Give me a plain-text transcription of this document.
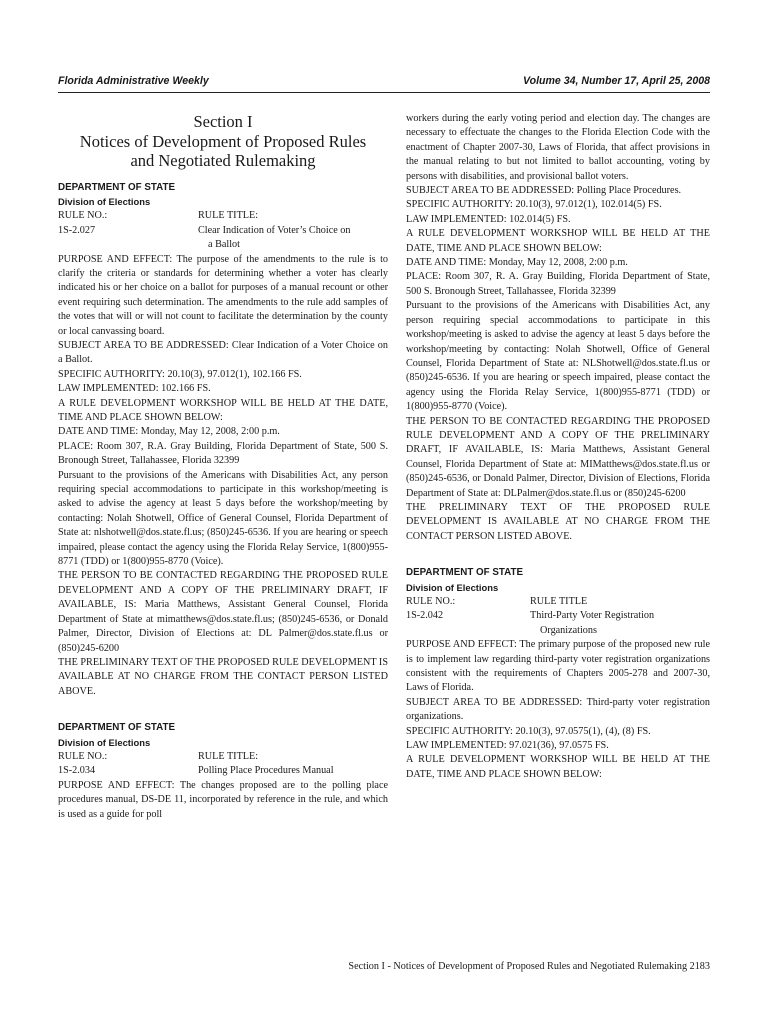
Florida Administrative Weekly	Volume 34, Number 17, April 25, 2008
Section I
Notices of Development of Proposed Rules
and Negotiated Rulemaking
DEPARTMENT OF STATE
Division of Elections
RULE NO.:	RULE TITLE:
1S-2.027	Clear Indication of Voter’s Choice on
a Ballot

PURPOSE AND EFFECT: The purpose of the amendments to the rule is to clarify the criteria or standards for determining whether a voter has clearly indicated his or her choice on a ballot for purposes of a manual recount or other event requiring such determination. The amendments to the rule add samples of the votes that will or will not count to facilitate the determination by the county or local canvassing board.

SUBJECT AREA TO BE ADDRESSED: Clear Indication of a Voter Choice on a Ballot.

SPECIFIC AUTHORITY: 20.10(3), 97.012(1), 102.166 FS.

LAW IMPLEMENTED: 102.166 FS.

A RULE DEVELOPMENT WORKSHOP WILL BE HELD AT THE DATE, TIME AND PLACE SHOWN BELOW:

DATE AND TIME: Monday, May 12, 2008, 2:00 p.m.

PLACE: Room 307, R.A. Gray Building, Florida Department of State, 500 S. Bronough Street, Tallahassee, Florida 32399

Pursuant to the provisions of the Americans with Disabilities Act, any person requiring special accommodations to participate in this workshop/meeting is asked to advise the agency at least 5 days before the workshop/meeting by contacting: Nolah Shotwell, Office of General Counsel, Florida Department of State at: nlshotwell@dos.state.fl.us; (850)245-6536. If you are hearing or speech impaired, please contact the agency using the Florida Relay Service, 1(800)955-8771 (TDD) or 1(800)955-8770 (Voice).

THE PERSON TO BE CONTACTED REGARDING THE PROPOSED RULE DEVELOPMENT AND A COPY OF THE PRELIMINARY DRAFT, IF AVAILABLE, IS: Maria Matthews, Assistant General Counsel, Florida Department of State at mimatthews@dos.state.fl.us; (850)245-6536, or Donald Palmer, Director, Division of Elections at: DL Palmer@dos.state.fl.us or (850)245-6200

THE PRELIMINARY TEXT OF THE PROPOSED RULE DEVELOPMENT IS AVAILABLE AT NO CHARGE FROM THE CONTACT PERSON LISTED ABOVE.

DEPARTMENT OF STATE
Division of Elections
RULE NO.:	RULE TITLE:
1S-2.034	Polling Place Procedures Manual

PURPOSE AND EFFECT: The changes proposed are to the polling place procedures manual, DS-DE 11, incorporated by reference in the rule, and which is used as a guide for poll

workers during the early voting period and election day. The changes are necessary to effectuate the changes to the Florida Election Code with the enactment of Chapter 2007-30, Laws of Florida, that affect provisions in the manual relating to but not limited to ballot accounting, voting by persons with disabilities, and provisional ballot voters.

SUBJECT AREA TO BE ADDRESSED: Polling Place Procedures.

SPECIFIC AUTHORITY: 20.10(3), 97.012(1), 102.014(5) FS.

LAW IMPLEMENTED: 102.014(5) FS.

A RULE DEVELOPMENT WORKSHOP WILL BE HELD AT THE DATE, TIME AND PLACE SHOWN BELOW:

DATE AND TIME: Monday, May 12, 2008, 2:00 p.m.

PLACE: Room 307, R. A. Gray Building, Florida Department of State, 500 S. Bronough Street, Tallahassee, Florida 32399

Pursuant to the provisions of the Americans with Disabilities Act, any person requiring special accommodations to participate in this workshop/meeting is asked to advise the agency at least 5 days before the workshop/meeting by contacting: Nolah Shotwell, Office of General Counsel, Florida Department of State at: NLShotwell@dos.state.fl.us or (850)245-6536. If you are hearing or speech impaired, please contact the agency using the Florida Relay Service, 1(800)955-8771 (TDD) or 1(800)955-8770 (Voice).

THE PERSON TO BE CONTACTED REGARDING THE PROPOSED RULE DEVELOPMENT AND A COPY OF THE PRELIMINARY DRAFT, IF AVAILABLE, IS: Maria Matthews, Assistant General Counsel, Florida Department of State at: MIMatthews@dos.state.fl.us or (850)245-6536, or Donald Palmer, Director, Division of Elections, Florida Department of State at: DLPalmer@dos.state.fl.us or (850)245-6200

THE PRELIMINARY TEXT OF THE PROPOSED RULE DEVELOPMENT IS AVAILABLE AT NO CHARGE FROM THE CONTACT PERSON LISTED ABOVE.

DEPARTMENT OF STATE
Division of Elections
RULE NO.:	RULE TITLE
1S-2.042	Third-Party Voter Registration
Organizations

PURPOSE AND EFFECT: The primary purpose of the proposed new rule is to implement law regarding third-party voter registration organizations consistent with the requirements of Chapters 2005-278 and 2007-30, Laws of Florida.

SUBJECT AREA TO BE ADDRESSED: Third-party voter registration organizations.

SPECIFIC AUTHORITY: 20.10(3), 97.0575(1), (4), (8) FS.

LAW IMPLEMENTED: 97.021(36), 97.0575 FS.

A RULE DEVELOPMENT WORKSHOP WILL BE HELD AT THE DATE, TIME AND PLACE SHOWN BELOW:

Section I - Notices of Development of Proposed Rules and Negotiated Rulemaking 2183
